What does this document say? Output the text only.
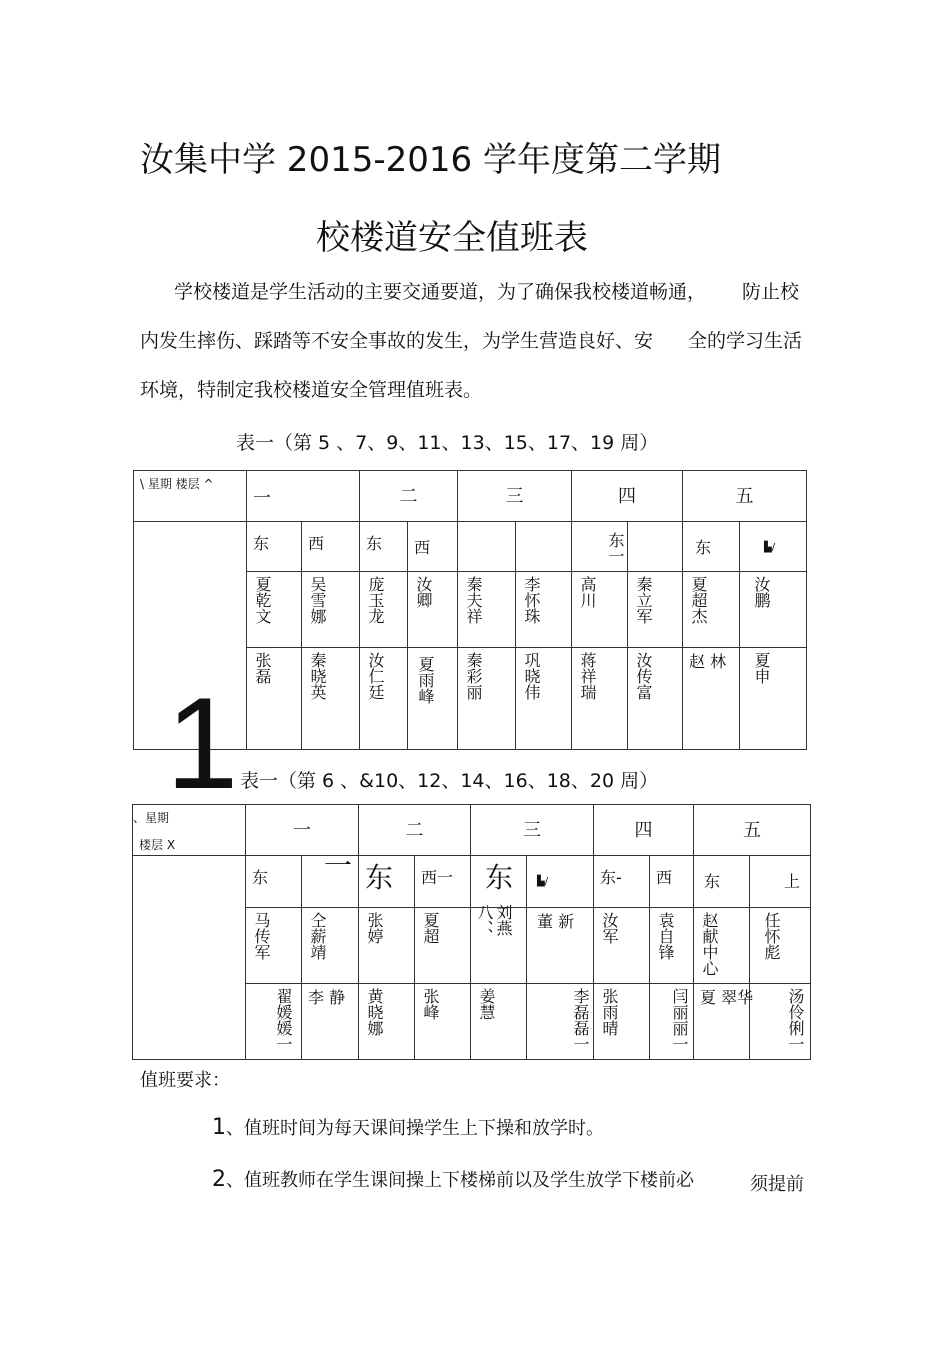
汝集中学 2015-2016 学年度第二学期
校楼道安全值班表
学校楼道是学生活动的主要交通要道，为了确保我校楼道畅通， 防止校
内发生摔伤、踩踏等不安全事故的发生，为学生营造良好、安 全的学习生活
环境，特制定我校楼道安全管理值班表。
表一（第 5 、7、9、11、13、15、17、19 周）
\ 星期 楼层 ^	一		二		三		四		五	
	东	西	东	西			东一		东	▙/
	夏乾文	吴雪娜	庞玉龙	汝卿	秦夫祥	李怀珠	高川	秦立军	夏超杰	汝鹏
	张磊	秦晓英	汝仁廷	夏雨峰	秦彩丽	巩晓伟	蒋祥瑞	汝传富	赵 林	夏申
1 表一（第 6 、&10、12、14、16、18、20 周）
、星期
楼层 X	一		二		三		四		五	
	东	一	东	西一	东	▙/	东-	西	东	上
	马传军	仝薪靖	张婷	夏超	刘燕八、、	董 新	汝军	袁自锋	赵献中心	任怀彪
	翟媛媛一	李 静	黄晓娜	张峰	姜慧	李磊磊一	张雨晴	闫丽丽一	夏 翠华	汤伶俐一
值班要求：
1、值班时间为每天课间操学生上下操和放学时。
2、值班教师在学生课间操上下楼梯前以及学生放学下楼前必	须提前
